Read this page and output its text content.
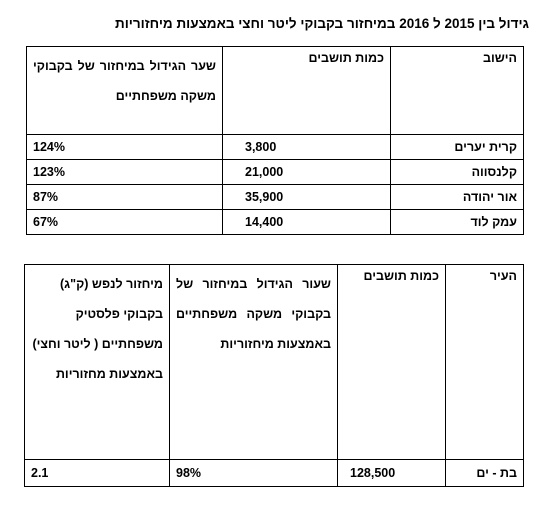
גידול בין 2015 ל 2016 במיחזור בקבוקי ליטר וחצי באמצעות מיחזוריות
הישוב	כמות תושבים	שער הגידול במיחזור של בקבוקי משקה משפחתיים
קרית יערים	3,800	124%
קלנסווה	21,000	123%
אור יהודה	35,900	87%
עמק לוד	14,400	67%
העיר	כמות תושבים	שעור הגידול במיחזור של בקבוקי משקה משפחתיים באמצעות מיחזוריות	מיחזור לנפש (ק"ג) בקבוקי פלסטיק משפחתיים ( ליטר וחצי) באמצעות מחזוריות
בת - ים	128,500	98%	2.1
